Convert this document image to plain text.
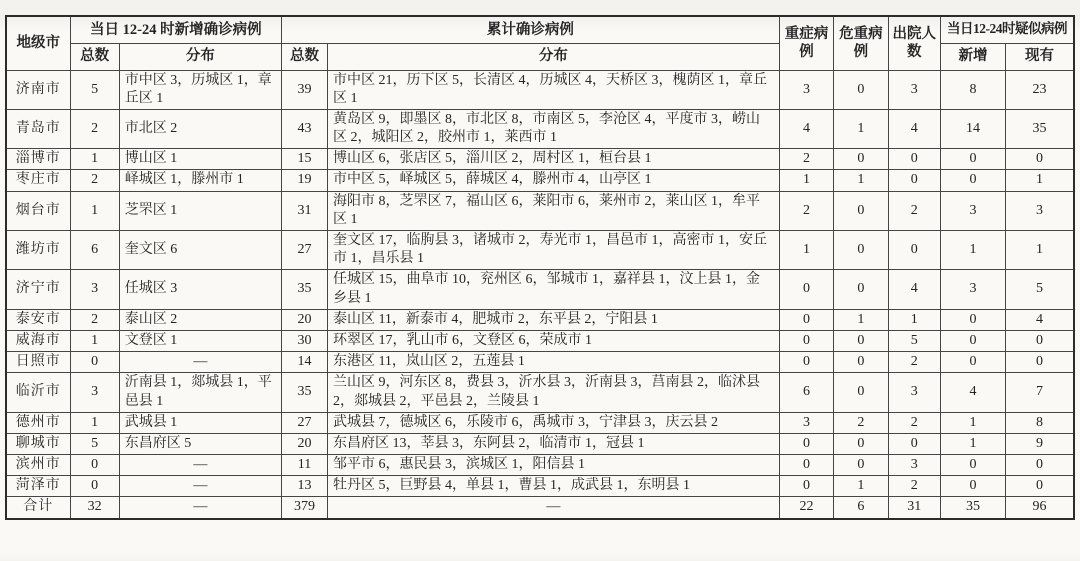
地级市	当日 12-24 时新增确诊病例		累计确诊病例		重症病例	危重病例	出院人数	当日12-24时疑似病例	
	总数	分布	总数	分布				新增	现有
济南市	5	市中区 3，历城区 1，章丘区 1	39	市中区 21，历下区 5，长清区 4，历城区 4，天桥区 3，槐荫区 1，章丘区 1	3	0	3	8	23
青岛市	2	市北区 2	43	黄岛区 9，即墨区 8，市北区 8，市南区 5，李沧区 4，平度市 3，崂山区 2，城阳区 2，胶州市 1，莱西市 1	4	1	4	14	35
淄博市	1	博山区 1	15	博山区 6，张店区 5，淄川区 2，周村区 1，桓台县 1	2	0	0	0	0
枣庄市	2	峄城区 1，滕州市 1	19	市中区 5，峄城区 5，薛城区 4，滕州市 4，山亭区 1	1	1	0	0	1
烟台市	1	芝罘区 1	31	海阳市 8，芝罘区 7，福山区 6，莱阳市 6，莱州市 2，莱山区 1，牟平区 1	2	0	2	3	3
潍坊市	6	奎文区 6	27	奎文区 17，临朐县 3，诸城市 2，寿光市 1，昌邑市 1，高密市 1，安丘市 1，昌乐县 1	1	0	0	1	1
济宁市	3	任城区 3	35	任城区 15，曲阜市 10，兖州区 6，邹城市 1，嘉祥县 1，汶上县 1，金乡县 1	0	0	4	3	5
泰安市	2	泰山区 2	20	泰山区 11，新泰市 4，肥城市 2，东平县 2，宁阳县 1	0	1	1	0	4
威海市	1	文登区 1	30	环翠区 17，乳山市 6，文登区 6，荣成市 1	0	0	5	0	0
日照市	0	—	14	东港区 11，岚山区 2，五莲县 1	0	0	2	0	0
临沂市	3	沂南县 1，郯城县 1，平邑县 1	35	兰山区 9，河东区 8，费县 3，沂水县 3，沂南县 3，莒南县 2，临沭县 2，郯城县 2，平邑县 2，兰陵县 1	6	0	3	4	7
德州市	1	武城县 1	27	武城县 7，德城区 6，乐陵市 6，禹城市 3，宁津县 3，庆云县 2	3	2	2	1	8
聊城市	5	东昌府区 5	20	东昌府区 13，莘县 3，东阿县 2，临清市 1，冠县 1	0	0	0	1	9
滨州市	0	—	11	邹平市 6，惠民县 3，滨城区 1，阳信县 1	0	0	3	0	0
菏泽市	0	—	13	牡丹区 5，巨野县 4，单县 1，曹县 1，成武县 1，东明县 1	0	1	2	0	0
合计	32	—	379	—	22	6	31	35	96
